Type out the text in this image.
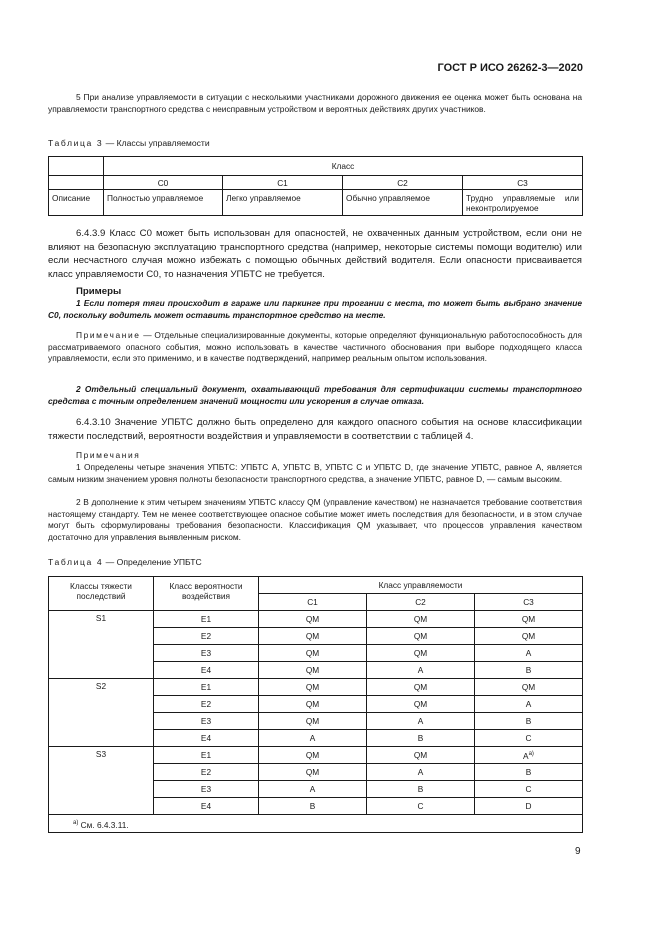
ГОСТ Р ИСО 26262-3—2020
5 При анализе управляемости в ситуации с несколькими участниками дорожного движения ее оценка может быть основана на управляемости транспортного средства с неисправным устройством и вероятных действиях других участников.
Таблица 3 — Классы управляемости
	Класс			
	C0	C1	C2	C3
Описание	Полностью управляемое	Легко управляемое	Обычно управляемое	Трудно управляемые или неконтролируемое
6.4.3.9 Класс С0 может быть использован для опасностей, не охваченных данным устройством, если они не влияют на безопасную эксплуатацию транспортного средства (например, некоторые системы помощи водителю) или если несчастного случая можно избежать с помощью обычных действий водителя. Если опасности присваивается класс управляемости С0, то назначения УПБТС не требуется.
Примеры
1 Если потеря тяги происходит в гараже или паркинге при трогании с места, то может быть выбрано значение С0, поскольку водитель может оставить транспортное средство на месте.
Примечание — Отдельные специализированные документы, которые определяют функциональную работоспособность для рассматриваемого опасного события, можно использовать в качестве частичного обоснования при выборе подходящего класса управляемости, если это применимо, и в качестве подтверждений, например реальным опытом использования.
2 Отдельный специальный документ, охватывающий требования для сертификации системы транспортного средства с точным определением значений мощности или ускорения в случае отказа.
6.4.3.10 Значение УПБТС должно быть определено для каждого опасного события на основе классификации тяжести последствий, вероятности воздействия и управляемости в соответствии с таблицей 4.
Примечания
1 Определены четыре значения УПБТС: УПБТС А, УПБТС В, УПБТС С и УПБТС D, где значение УПБТС, равное А, является самым низким значением уровня полноты безопасности транспортного средства, а значение УПБТС, равное D, — самым высоким.
2 В дополнение к этим четырем значениям УПБТС классу QM (управление качеством) не назначается требование соответствия настоящему стандарту. Тем не менее соответствующее опасное событие может иметь последствия для безопасности, и в этом случае могут быть сформулированы требования безопасности. Классификация QM указывает, что процессов управления качеством достаточно для управления выявленным риском.
Таблица 4 — Определение УПБТС
Классы тяжести последствий	Класс вероятности воздействия	Класс управляемости		
		C1	C2	C3
S1	E1	QM	QM	QM
	E2	QM	QM	QM
	E3	QM	QM	A
	E4	QM	A	B
S2	E1	QM	QM	QM
	E2	QM	QM	A
	E3	QM	A	B
	E4	A	B	C
S3	E1	QM	QM	$A^{a)}$
	E2	QM	A	B
	E3	A	B	C
	E4	B	C	D
$^{a)}$ См. 6.4.3.11.				
9
